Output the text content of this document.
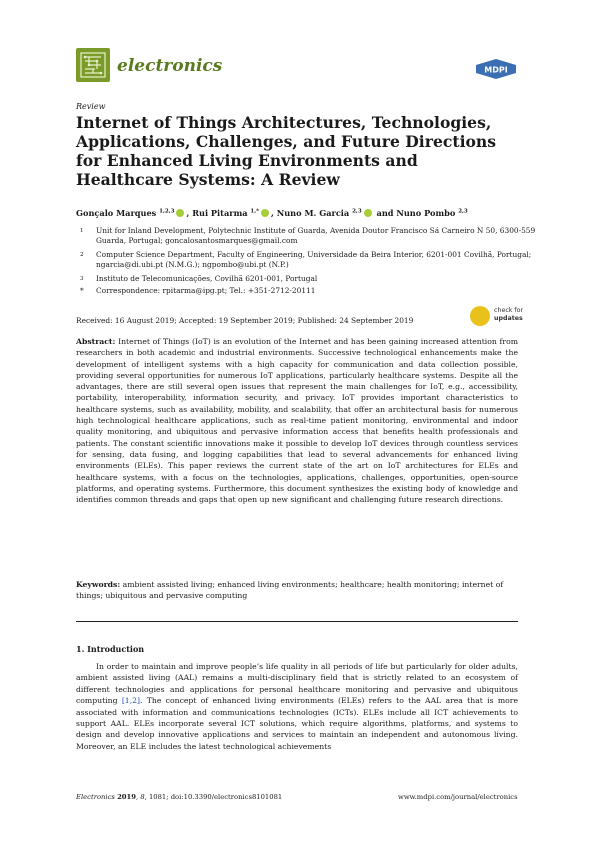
electronics	MDPI
Review
Internet of Things Architectures, Technologies, Applications, Challenges, and Future Directions for Enhanced Living Environments and Healthcare Systems: A Review
Gonçalo Marques $^{1,2,3}$ , Rui Pitarma $^{1,*}$ , Nuno M. Garcia $^{2,3}$ and Nuno Pombo $^{2,3}$
1 Unit for Inland Development, Polytechnic Institute of Guarda, Avenida Doutor Francisco Sá Carneiro N 50, 6300-559 Guarda, Portugal; goncalosantosmarques@gmail.com
2 Computer Science Department, Faculty of Engineering, Universidade da Beira Interior, 6201-001 Covilhã, Portugal; ngarcia@di.ubi.pt (N.M.G.); ngpombo@ubi.pt (N.P.)
3 Instituto de Telecomunicações, Covilhã 6201-001, Portugal
* Correspondence: rpitarma@ipg.pt; Tel.: +351-2712-20111
Received: 16 August 2019; Accepted: 19 September 2019; Published: 24 September 2019
check for
updates
Abstract: Internet of Things (IoT) is an evolution of the Internet and has been gaining increased attention from researchers in both academic and industrial environments. Successive technological enhancements make the development of intelligent systems with a high capacity for communication and data collection possible, providing several opportunities for numerous IoT applications, particularly healthcare systems. Despite all the advantages, there are still several open issues that represent the main challenges for IoT, e.g., accessibility, portability, interoperability, information security, and privacy. IoT provides important characteristics to healthcare systems, such as availability, mobility, and scalability, that offer an architectural basis for numerous high technological healthcare applications, such as real-time patient monitoring, environmental and indoor quality monitoring, and ubiquitous and pervasive information access that benefits health professionals and patients. The constant scientific innovations make it possible to develop IoT devices through countless services for sensing, data fusing, and logging capabilities that lead to several advancements for enhanced living environments (ELEs). This paper reviews the current state of the art on IoT architectures for ELEs and healthcare systems, with a focus on the technologies, applications, challenges, opportunities, open-source platforms, and operating systems. Furthermore, this document synthesizes the existing body of knowledge and identifies common threads and gaps that open up new significant and challenging future research directions.
Keywords: ambient assisted living; enhanced living environments; healthcare; health monitoring; internet of things; ubiquitous and pervasive computing
1. Introduction
In order to maintain and improve people’s life quality in all periods of life but particularly for older adults, ambient assisted living (AAL) remains a multi-disciplinary field that is strictly related to an ecosystem of different technologies and applications for personal healthcare monitoring and pervasive and ubiquitous computing [1,2]. The concept of enhanced living environments (ELEs) refers to the AAL area that is more associated with information and communications technologies (ICTs). ELEs include all ICT achievements to support AAL. ELEs incorporate several ICT solutions, which require algorithms, platforms, and systems to design and develop innovative applications and services to maintain an independent and autonomous living. Moreover, an ELE includes the latest technological achievements
Electronics 2019, 8, 1081; doi:10.3390/electronics8101081	www.mdpi.com/journal/electronics
